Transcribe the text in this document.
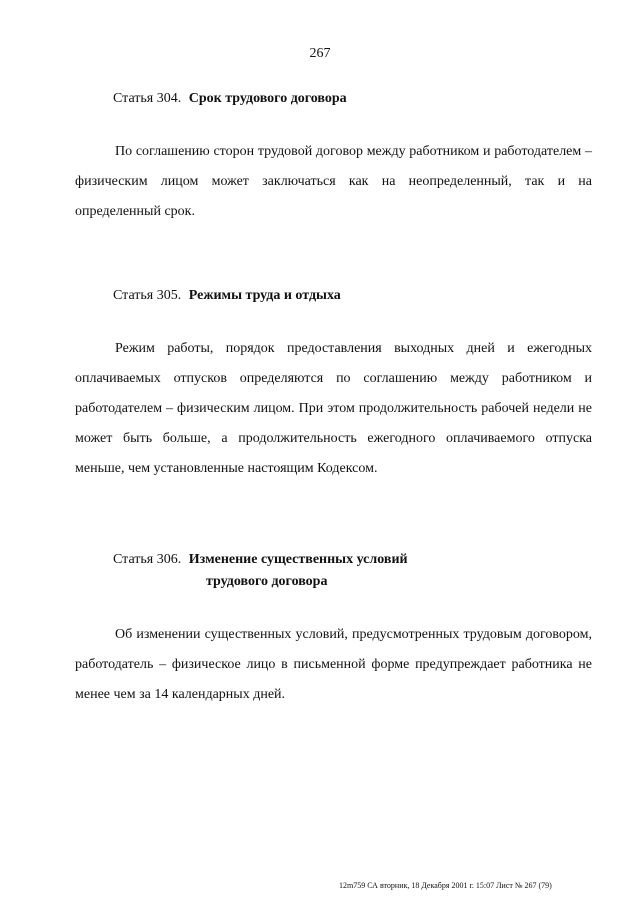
267
Статья 304. Срок трудового договора

По соглашению сторон трудовой договор между работником и работодателем – физическим лицом может заключаться как на неопределенный, так и на определенный срок.

Статья 305. Режимы труда и отдыха

Режим работы, порядок предоставления выходных дней и ежегодных оплачиваемых отпусков определяются по соглашению между работником и работодателем – физическим лицом. При этом продолжительность рабочей недели не может быть больше, а продолжительность ежегодного оплачиваемого отпуска меньше, чем установленные настоящим Кодексом.

Статья 306. Изменение существенных условий
трудового договора

Об изменении существенных условий, предусмотренных трудовым договором, работодатель – физическое лицо в письменной форме предупреждает работника не менее чем за 14 календарных дней.

12m759 СА вторник, 18 Декабря 2001 г. 15:07 Лист № 267 (79)
